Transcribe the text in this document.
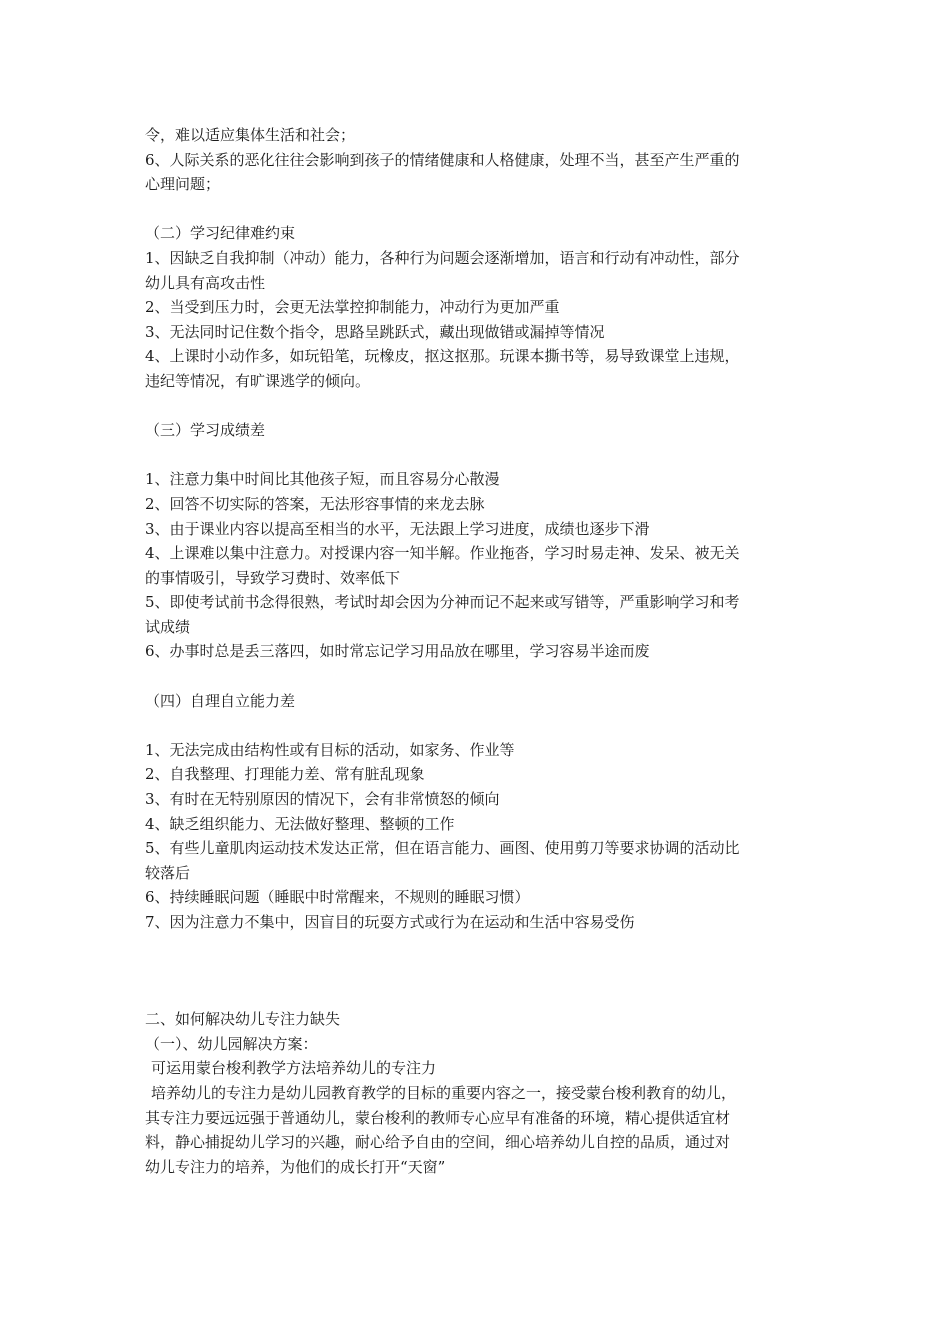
令，难以适应集体生活和社会；
6、人际关系的恶化往往会影响到孩子的情绪健康和人格健康，处理不当，甚至产生严重的
心理问题；
（二）学习纪律难约束
1、因缺乏自我抑制（冲动）能力，各种行为问题会逐渐增加，语言和行动有冲动性，部分
幼儿具有高攻击性
2、当受到压力时，会更无法掌控抑制能力，冲动行为更加严重
3、无法同时记住数个指令，思路呈跳跃式，藏出现做错或漏掉等情况
4、上课时小动作多，如玩铅笔，玩橡皮，抠这抠那。玩课本撕书等，易导致课堂上违规，
违纪等情况，有旷课逃学的倾向。
（三）学习成绩差
1、注意力集中时间比其他孩子短，而且容易分心散漫
2、回答不切实际的答案，无法形容事情的来龙去脉
3、由于课业内容以提高至相当的水平，无法跟上学习进度，成绩也逐步下滑
4、上课难以集中注意力。对授课内容一知半解。作业拖沓，学习时易走神、发呆、被无关
的事情吸引，导致学习费时、效率低下
5、即使考试前书念得很熟，考试时却会因为分神而记不起来或写错等，严重影响学习和考
试成绩
6、办事时总是丢三落四，如时常忘记学习用品放在哪里，学习容易半途而废
（四）自理自立能力差
1、无法完成由结构性或有目标的活动，如家务、作业等
2、自我整理、打理能力差、常有脏乱现象
3、有时在无特别原因的情况下，会有非常愤怒的倾向
4、缺乏组织能力、无法做好整理、整顿的工作
5、有些儿童肌肉运动技术发达正常，但在语言能力、画图、使用剪刀等要求协调的活动比
较落后
6、持续睡眠问题（睡眠中时常醒来，不规则的睡眠习惯）
7、因为注意力不集中，因盲目的玩耍方式或行为在运动和生活中容易受伤
二、如何解决幼儿专注力缺失
（一）、幼儿园解决方案：
可运用蒙台梭利教学方法培养幼儿的专注力
培养幼儿的专注力是幼儿园教育教学的目标的重要内容之一，接受蒙台梭利教育的幼儿，
其专注力要远远强于普通幼儿，蒙台梭利的教师专心应早有准备的环境，精心提供适宜材
料，静心捕捉幼儿学习的兴趣，耐心给予自由的空间，细心培养幼儿自控的品质，通过对
幼儿专注力的培养，为他们的成长打开“天窗”
